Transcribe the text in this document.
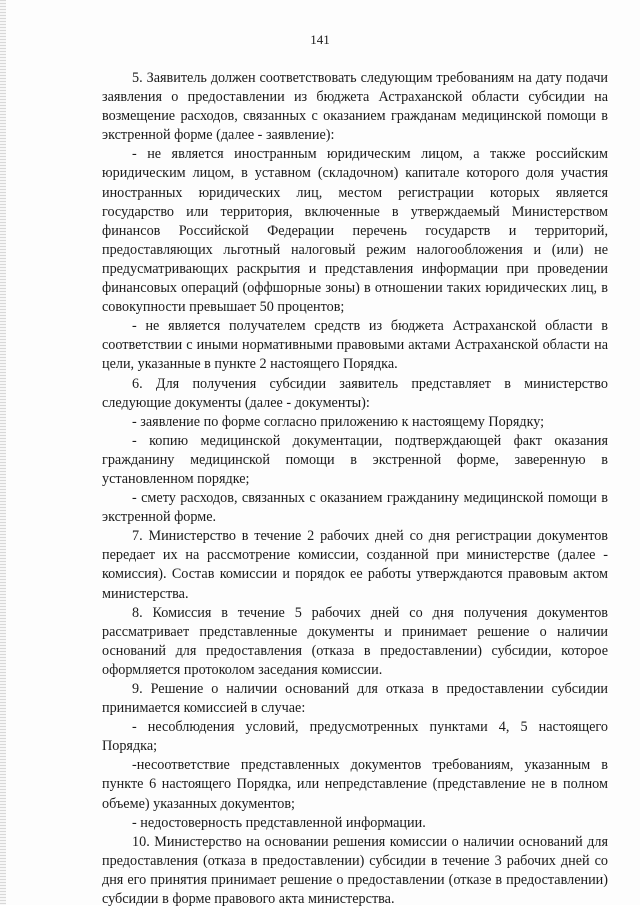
141

5. Заявитель должен соответствовать следующим требованиям на дату подачи заявления о предоставлении из бюджета Астраханской области субсидии на возмещение расходов, связанных с оказанием гражданам медицинской помощи в экстренной форме (далее - заявление):

- не является иностранным юридическим лицом, а также российским юридическим лицом, в уставном (складочном) капитале которого доля участия иностранных юридических лиц, местом регистрации которых является государство или территория, включенные в утверждаемый Министерством финансов Российской Федерации перечень государств и территорий, предоставляющих льготный налоговый режим налогообложения и (или) не предусматривающих раскрытия и представления информации при проведении финансовых операций (оффшорные зоны) в отношении таких юридических лиц, в совокупности превышает 50 процентов;

- не является получателем средств из бюджета Астраханской области в соответствии с иными нормативными правовыми актами Астраханской области на цели, указанные в пункте 2 настоящего Порядка.

6. Для получения субсидии заявитель представляет в министерство следующие документы (далее - документы):

- заявление по форме согласно приложению к настоящему Порядку;

- копию медицинской документации, подтверждающей факт оказания гражданину медицинской помощи в экстренной форме, заверенную в установленном порядке;

- смету расходов, связанных с оказанием гражданину медицинской помощи в экстренной форме.

7. Министерство в течение 2 рабочих дней со дня регистрации документов передает их на рассмотрение комиссии, созданной при министерстве (далее - комиссия). Состав комиссии и порядок ее работы утверждаются правовым актом министерства.

8. Комиссия в течение 5 рабочих дней со дня получения документов рассматривает представленные документы и принимает решение о наличии оснований для предоставления (отказа в предоставлении) субсидии, которое оформляется протоколом заседания комиссии.

9. Решение о наличии оснований для отказа в предоставлении субсидии принимается комиссией в случае:

- несоблюдения условий, предусмотренных пунктами 4, 5 настоящего Порядка;

-несоответствие представленных документов требованиям, указанным в пункте 6 настоящего Порядка, или непредставление (представление не в полном объеме) указанных документов;

- недостоверность представленной информации.

10. Министерство на основании решения комиссии о наличии оснований для предоставления (отказа в предоставлении) субсидии в течение 3 рабочих дней со дня его принятия принимает решение о предоставлении (отказе в предоставлении) субсидии в форме правового акта министерства.
